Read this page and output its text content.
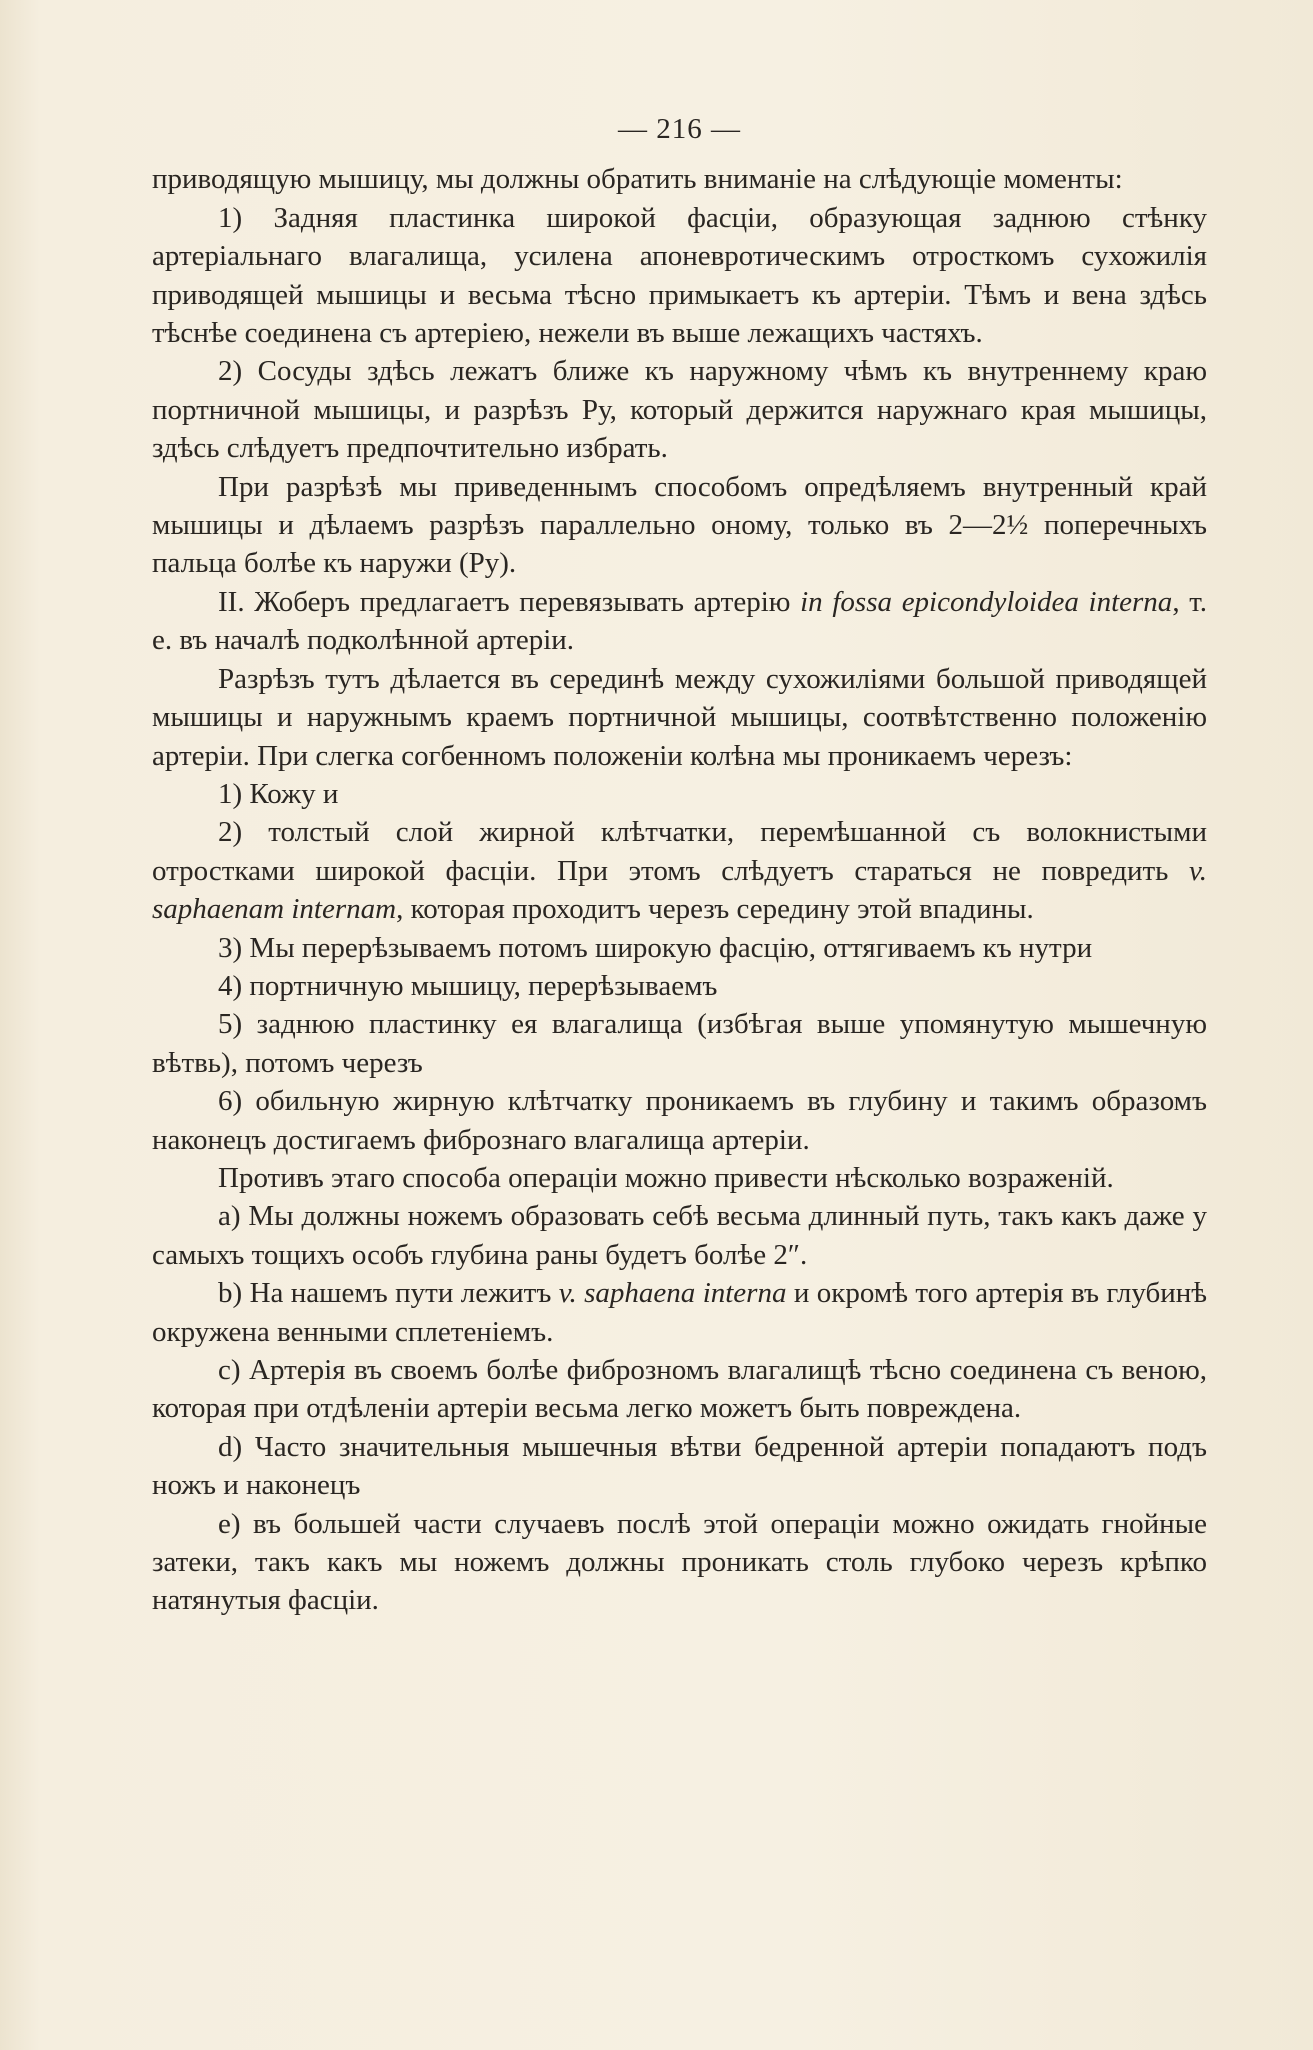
— 216 —

приводящую мышицу, мы должны обратить вниманіе на слѣдующіе моменты:

1) Задняя пластинка широкой фасціи, образующая заднюю стѣнку артеріальнаго влагалища, усилена апоневротическимъ отросткомъ сухожилія приводящей мышицы и весьма тѣсно примыкаетъ къ артеріи. Тѣмъ и вена здѣсь тѣснѣе соединена съ артеріею, нежели въ выше лежащихъ частяхъ.

2) Сосуды здѣсь лежатъ ближе къ наружному чѣмъ къ внутреннему краю портничной мышицы, и разрѣзъ Ру, который держится наружнаго края мышицы, здѣсь слѣдуетъ предпочтительно избрать.

При разрѣзѣ мы приведеннымъ способомъ опредѣляемъ внутренный край мышицы и дѣлаемъ разрѣзъ параллельно оному, только въ 2—2½ поперечныхъ пальца болѣе къ наружи (Ру).

II. Жоберъ предлагаетъ перевязывать артерію in fossa epicondyloidea interna, т. е. въ началѣ подколѣнной артеріи.

Разрѣзъ тутъ дѣлается въ серединѣ между сухожиліями большой приводящей мышицы и наружнымъ краемъ портничной мышицы, соотвѣтственно положенію артеріи. При слегка согбенномъ положеніи колѣна мы проникаемъ черезъ:

1) Кожу и

2) толстый слой жирной клѣтчатки, перемѣшанной съ волокнистыми отростками широкой фасціи. При этомъ слѣдуетъ стараться не повредить v. saphaenam internam, которая проходитъ черезъ середину этой впадины.

3) Мы перерѣзываемъ потомъ широкую фасцію, оттягиваемъ къ нутри

4) портничную мышицу, перерѣзываемъ

5) заднюю пластинку ея влагалища (избѣгая выше упомянутую мышечную вѣтвь), потомъ черезъ

6) обильную жирную клѣтчатку проникаемъ въ глубину и такимъ образомъ наконецъ достигаемъ фибрознаго влагалища артеріи.

Противъ этаго способа операціи можно привести нѣсколько возраженій.

a) Мы должны ножемъ образовать себѣ весьма длинный путь, такъ какъ даже у самыхъ тощихъ особъ глубина раны будетъ болѣе 2″.

b) На нашемъ пути лежитъ v. saphaena interna и окромѣ того артерія въ глубинѣ окружена венными сплетеніемъ.

c) Артерія въ своемъ болѣе фиброзномъ влагалищѣ тѣсно соединена съ веною, которая при отдѣленіи артеріи весьма легко можетъ быть повреждена.

d) Часто значительныя мышечныя вѣтви бедренной артеріи попадаютъ подъ ножъ и наконецъ

e) въ большей части случаевъ послѣ этой операціи можно ожидать гнойные затеки, такъ какъ мы ножемъ должны проникать столь глубоко черезъ крѣпко натянутыя фасціи.
